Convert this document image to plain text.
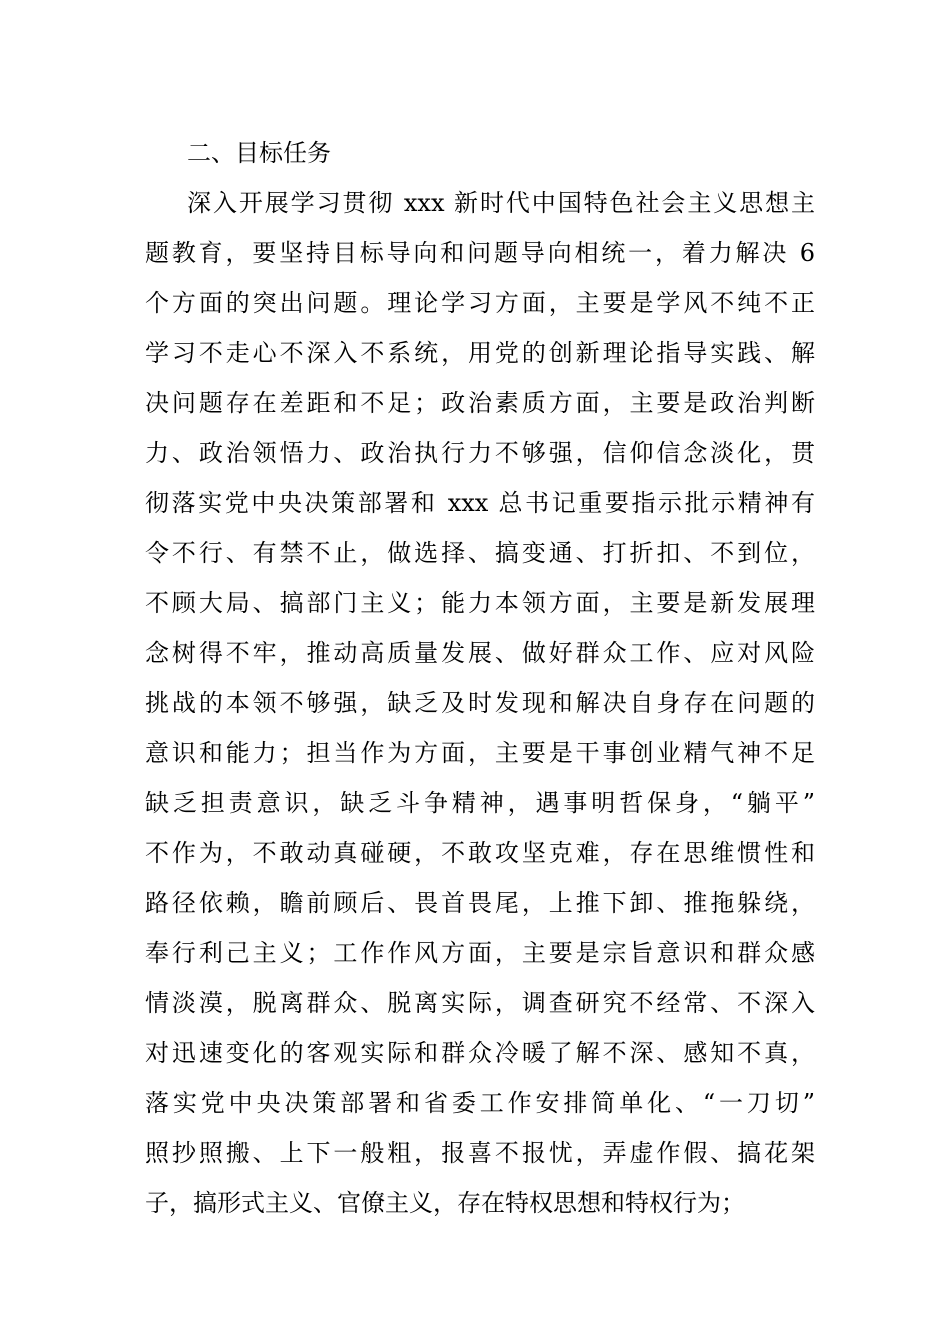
二、目标任务
深入开展学习贯彻 xxx 新时代中国特色社会主义思想主
题教育，要坚持目标导向和问题导向相统一，着力解决 6
个方面的突出问题。理论学习方面，主要是学风不纯不正
学习不走心不深入不系统，用党的创新理论指导实践、解
决问题存在差距和不足；政治素质方面，主要是政治判断
力、政治领悟力、政治执行力不够强，信仰信念淡化，贯
彻落实党中央决策部署和 xxx 总书记重要指示批示精神有
令不行、有禁不止，做选择、搞变通、打折扣、不到位，
不顾大局、搞部门主义；能力本领方面，主要是新发展理
念树得不牢，推动高质量发展、做好群众工作、应对风险
挑战的本领不够强，缺乏及时发现和解决自身存在问题的
意识和能力；担当作为方面，主要是干事创业精气神不足
缺乏担责意识，缺乏斗争精神，遇事明哲保身，“躺平”
不作为，不敢动真碰硬，不敢攻坚克难，存在思维惯性和
路径依赖，瞻前顾后、畏首畏尾，上推下卸、推拖躲绕，
奉行利己主义；工作作风方面，主要是宗旨意识和群众感
情淡漠，脱离群众、脱离实际，调查研究不经常、不深入
对迅速变化的客观实际和群众冷暖了解不深、感知不真，
落实党中央决策部署和省委工作安排简单化、“一刀切”
照抄照搬、上下一般粗，报喜不报忧，弄虚作假、搞花架
子，搞形式主义、官僚主义，存在特权思想和特权行为；
